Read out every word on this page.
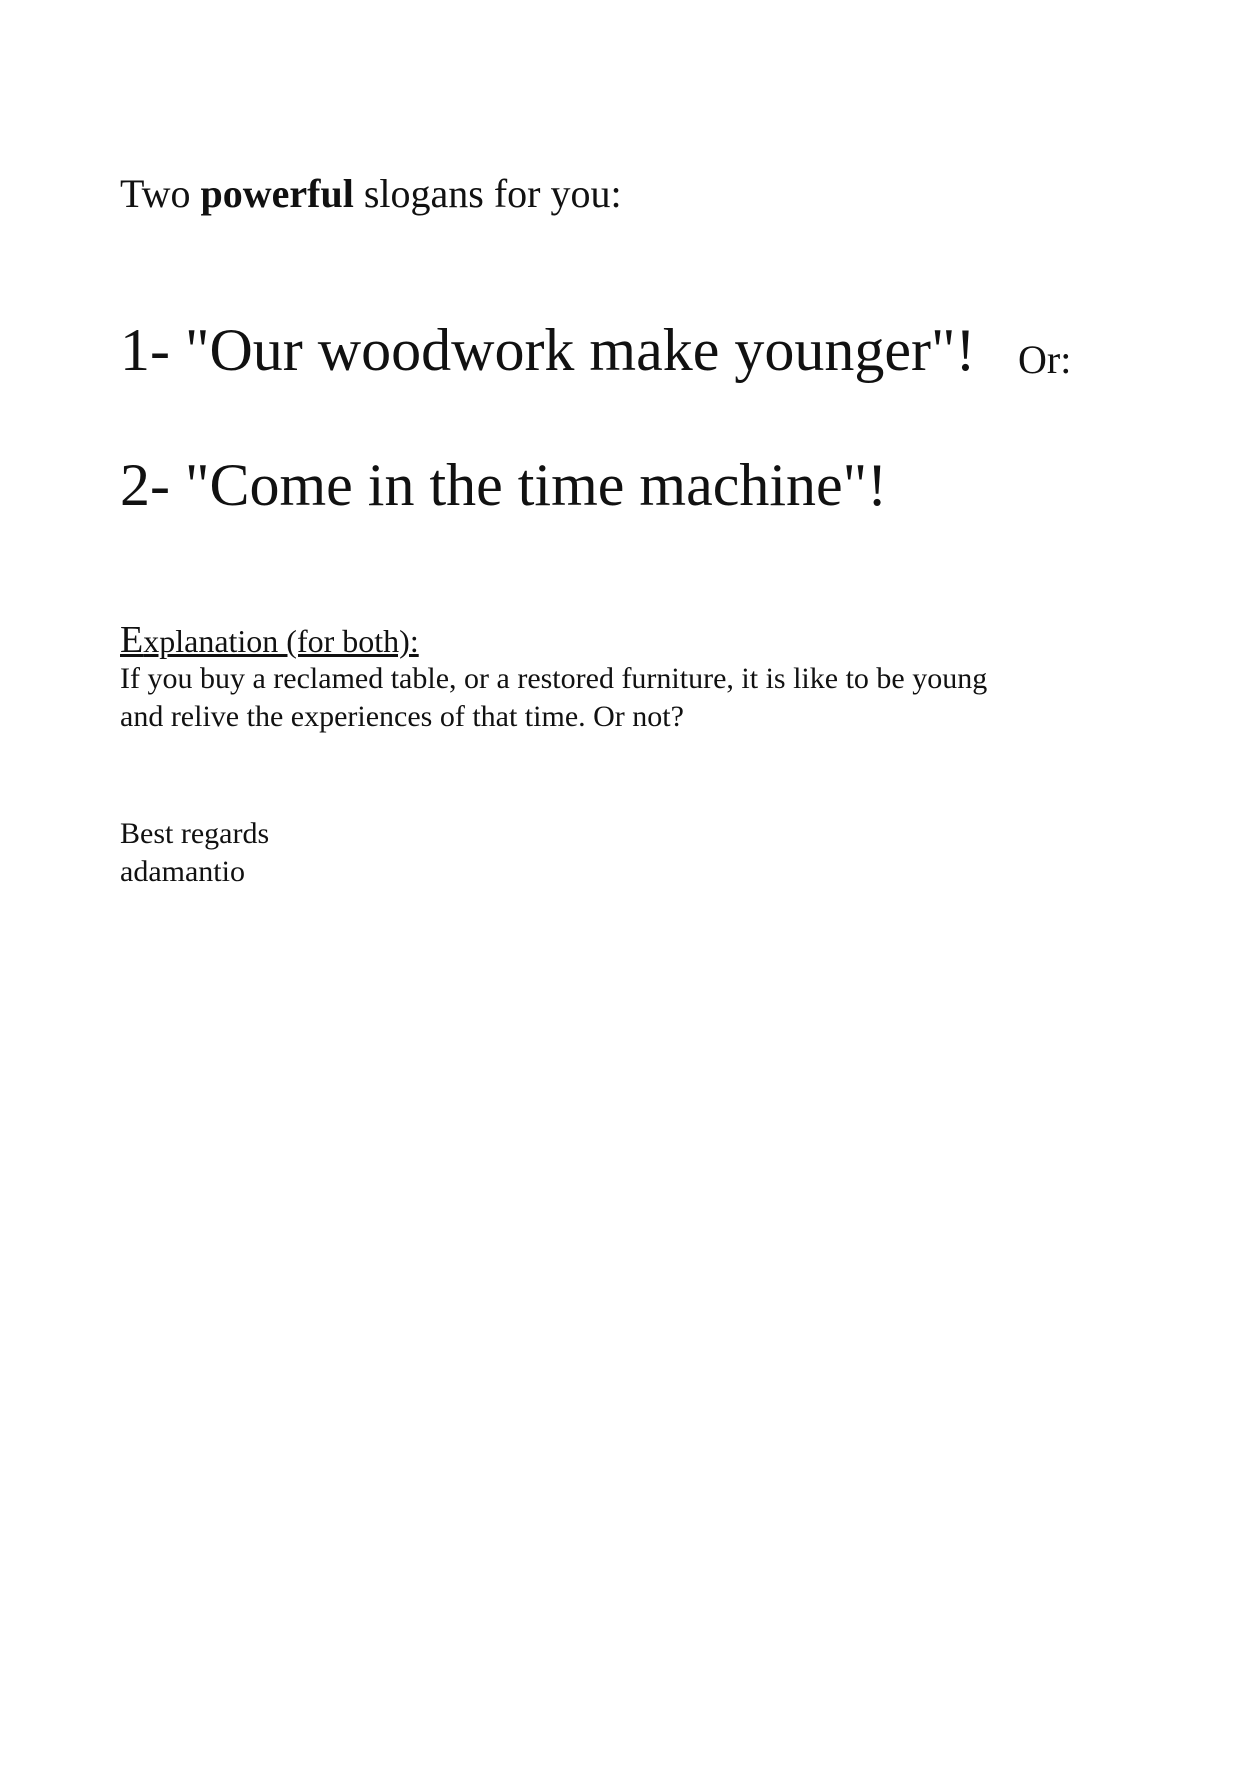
Two powerful slogans for you:
1- "Our woodwork make younger"! Or:
2- "Come in the time machine"!
Explanation (for both):
If you buy a reclamed table, or a restored furniture, it is like to be young
and relive the experiences of that time. Or not?
Best regards
adamantio
